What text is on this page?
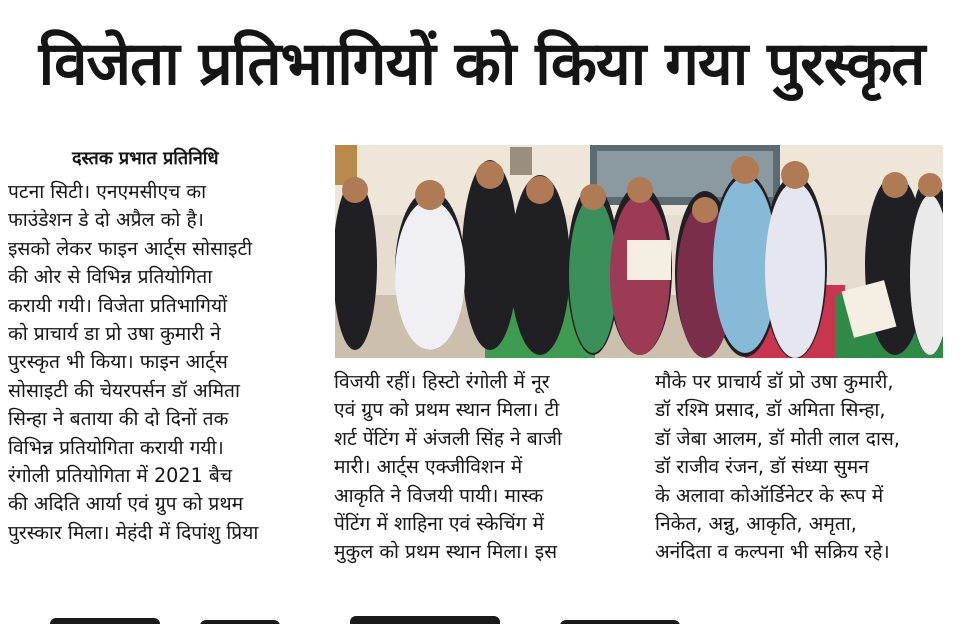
विजेता प्रतिभागियों को किया गया पुरस्कृत
दस्तक प्रभात प्रतिनिधि
पटना सिटी। एनएमसीएच का
फाउंडेशन डे दो अप्रैल को है।
इसको लेकर फाइन आर्ट्स सोसाइटी
की ओर से विभिन्न प्रतियोगिता
करायी गयी। विजेता प्रतिभागियों
को प्राचार्य डा प्रो उषा कुमारी ने
पुरस्कृत भी किया। फाइन आर्ट्स
सोसाइटी की चेयरपर्सन डॉ अमिता
सिन्हा ने बताया की दो दिनों तक
विभिन्न प्रतियोगिता करायी गयी।
रंगोली प्रतियोगिता में 2021 बैच
की अदिति आर्या एवं ग्रुप को प्रथम
पुरस्कार मिला। मेहंदी में दिपांशु प्रिया
विजयी रहीं। हिस्टो रंगोली में नूर
एवं ग्रुप को प्रथम स्थान मिला। टी
शर्ट पेंटिंग में अंजली सिंह ने बाजी
मारी। आर्ट्स एक्जीविशन में
आकृति ने विजयी पायी। मास्क
पेंटिंग में शाहिना एवं स्केचिंग में
मुकुल को प्रथम स्थान मिला। इस
मौके पर प्राचार्य डॉ प्रो उषा कुमारी,
डॉ रश्मि प्रसाद, डॉ अमिता सिन्हा,
डॉ जेबा आलम, डॉ मोती लाल दास,
डॉ राजीव रंजन, डॉ संध्या सुमन
के अलावा कोऑर्डिनेटर के रूप में
निकेत, अन्नु, आकृति, अमृता,
अनंदिता व कल्पना भी सक्रिय रहे।
